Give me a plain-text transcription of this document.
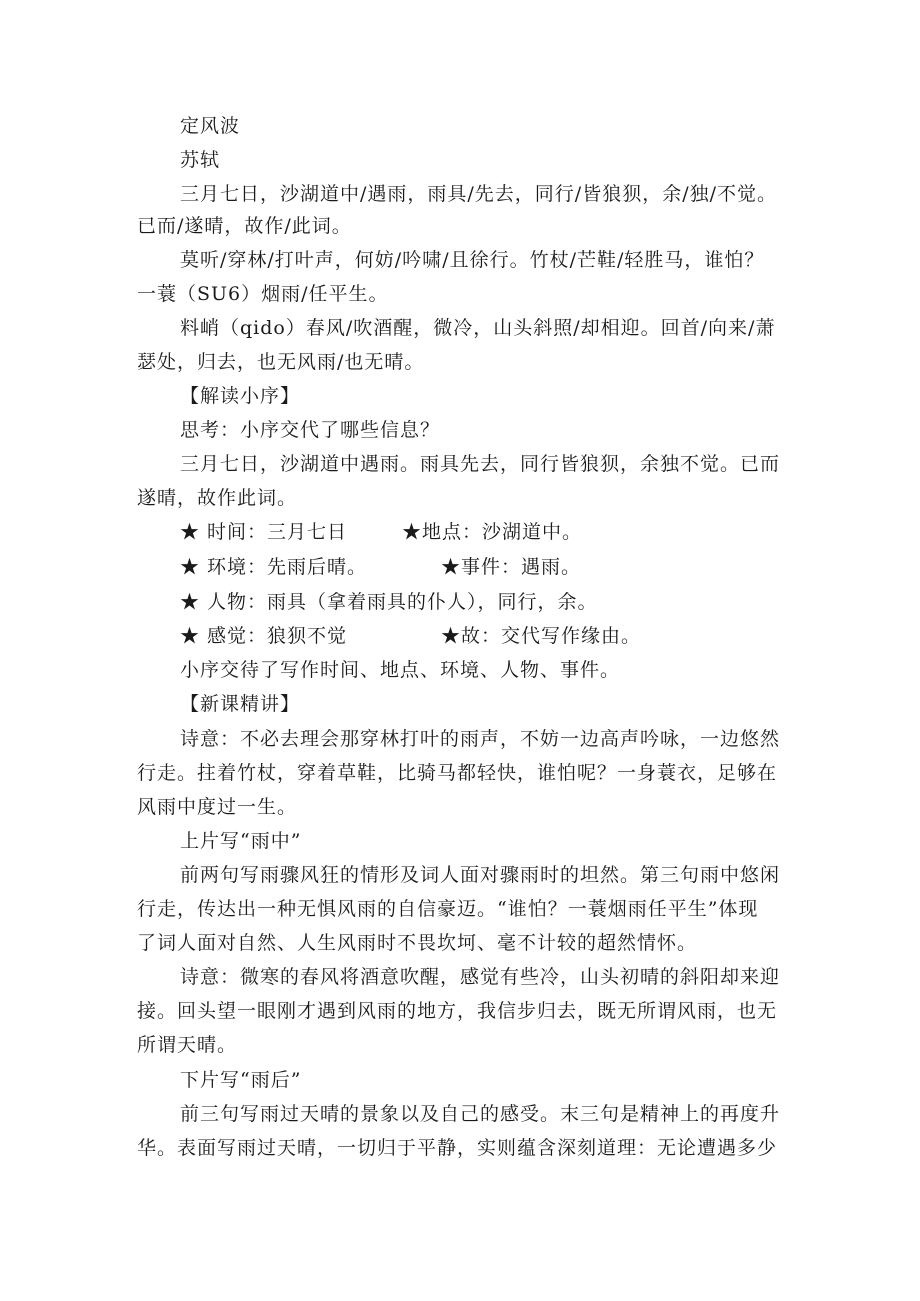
定风波
苏轼
三月七日，沙湖道中/遇雨，雨具/先去，同行/皆狼狈，余/独/不觉。
已而/遂晴，故作/此词。
莫听/穿林/打叶声，何妨/吟啸/且徐行。竹杖/芒鞋/轻胜马，谁怕？
一蓑（SU6）烟雨/任平生。
料峭（qido）春风/吹酒醒，微冷，山头斜照/却相迎。回首/向来/萧
瑟处，归去，也无风雨/也无晴。
【解读小序】
思考：小序交代了哪些信息？
三月七日，沙湖道中遇雨。雨具先去，同行皆狼狈，余独不觉。已而
遂晴，故作此词。
★ 时间：三月七日	★地点：沙湖道中。
★ 环境：先雨后晴。	★事件：遇雨。
★ 人物：雨具（拿着雨具的仆人），同行，余。
★ 感觉：狼狈不觉	★故：交代写作缘由。
小序交待了写作时间、地点、环境、人物、事件。
【新课精讲】
诗意：不必去理会那穿林打叶的雨声，不妨一边高声吟咏，一边悠然
行走。拄着竹杖，穿着草鞋，比骑马都轻快，谁怕呢？一身蓑衣，足够在
风雨中度过一生。
上片写“雨中”
前两句写雨骤风狂的情形及词人面对骤雨时的坦然。第三句雨中悠闲
行走，传达出一种无惧风雨的自信豪迈。“谁怕？一蓑烟雨任平生”体现
了词人面对自然、人生风雨时不畏坎坷、毫不计较的超然情怀。
诗意：微寒的春风将酒意吹醒，感觉有些冷，山头初晴的斜阳却来迎
接。回头望一眼刚才遇到风雨的地方，我信步归去，既无所谓风雨，也无
所谓天晴。
下片写“雨后”
前三句写雨过天晴的景象以及自己的感受。末三句是精神上的再度升
华。表面写雨过天晴，一切归于平静，实则蕴含深刻道理：无论遭遇多少
